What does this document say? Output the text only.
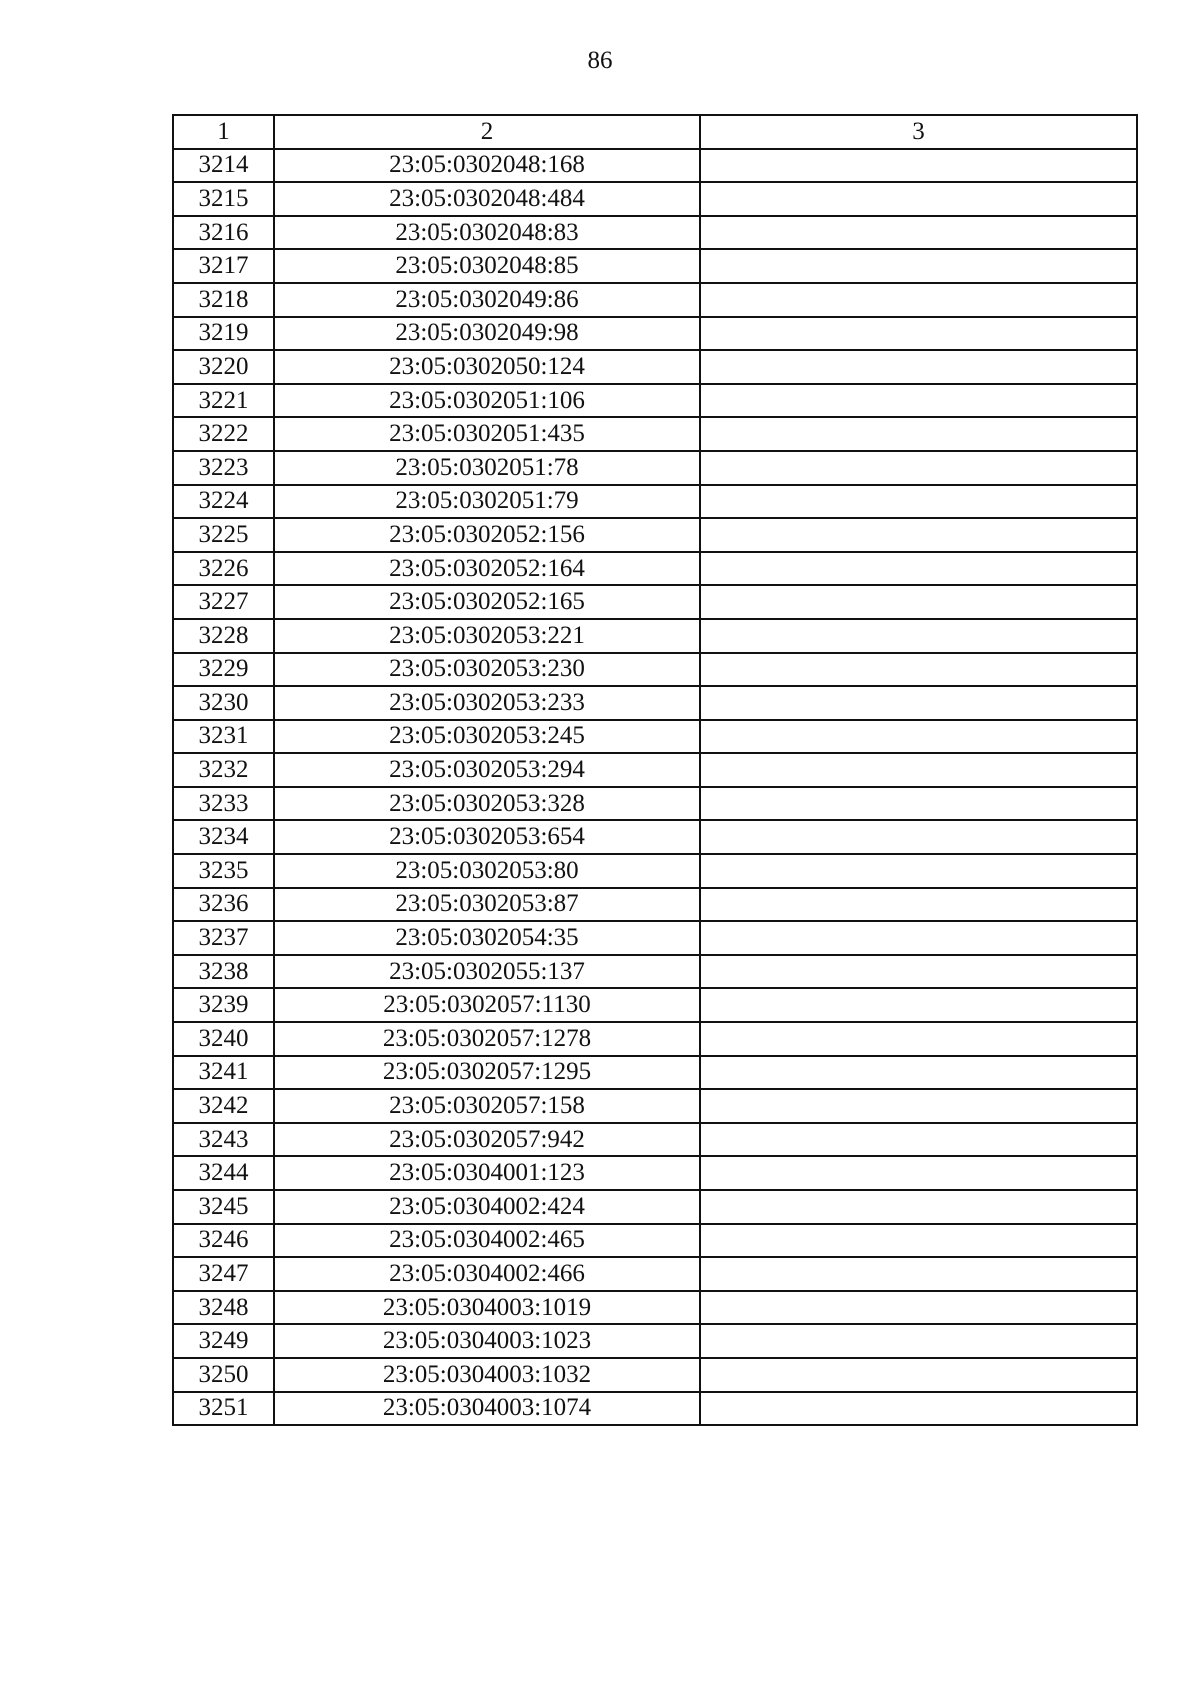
86
1	2	3
3214	23:05:0302048:168	
3215	23:05:0302048:484	
3216	23:05:0302048:83	
3217	23:05:0302048:85	
3218	23:05:0302049:86	
3219	23:05:0302049:98	
3220	23:05:0302050:124	
3221	23:05:0302051:106	
3222	23:05:0302051:435	
3223	23:05:0302051:78	
3224	23:05:0302051:79	
3225	23:05:0302052:156	
3226	23:05:0302052:164	
3227	23:05:0302052:165	
3228	23:05:0302053:221	
3229	23:05:0302053:230	
3230	23:05:0302053:233	
3231	23:05:0302053:245	
3232	23:05:0302053:294	
3233	23:05:0302053:328	
3234	23:05:0302053:654	
3235	23:05:0302053:80	
3236	23:05:0302053:87	
3237	23:05:0302054:35	
3238	23:05:0302055:137	
3239	23:05:0302057:1130	
3240	23:05:0302057:1278	
3241	23:05:0302057:1295	
3242	23:05:0302057:158	
3243	23:05:0302057:942	
3244	23:05:0304001:123	
3245	23:05:0304002:424	
3246	23:05:0304002:465	
3247	23:05:0304002:466	
3248	23:05:0304003:1019	
3249	23:05:0304003:1023	
3250	23:05:0304003:1032	
3251	23:05:0304003:1074	
